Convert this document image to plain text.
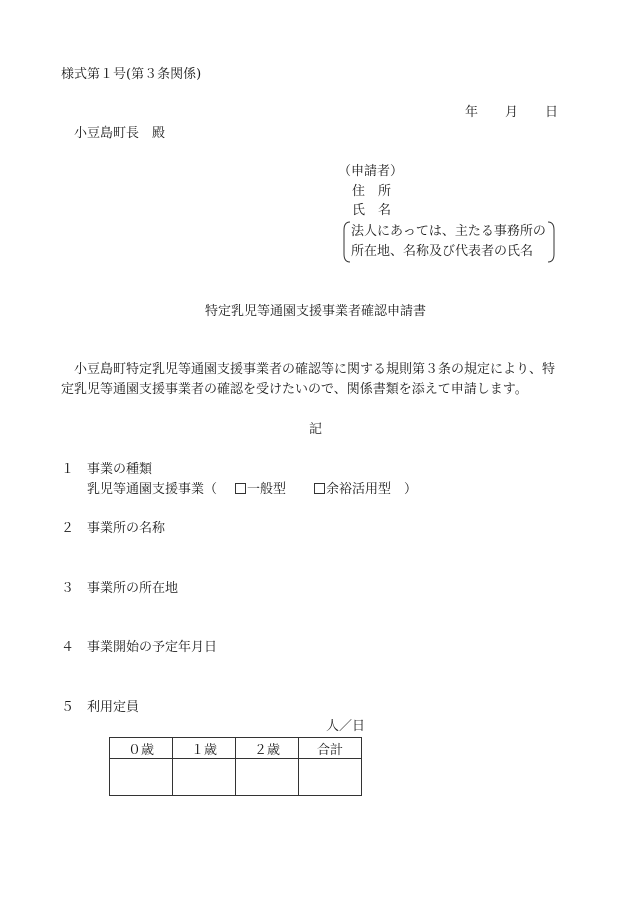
様式第１号(第３条関係)
年 月 日
小豆島町長　殿
（申請者）
住　所
氏　名
法人にあっては、主たる事務所の
所在地、名称及び代表者の氏名
特定乳児等通園支援事業者確認申請書
小豆島町特定乳児等通園支援事業者の確認等に関する規則第３条の規定により、特
定乳児等通園支援事業者の確認を受けたいので、関係書類を添えて申請します。
記
１ 事業の種類
乳児等通園支援事業（	一般型	余裕活用型 ）
２ 事業所の名称
３ 事業所の所在地
４ 事業開始の予定年月日
５ 利用定員
人／日
０歳	１歳	２歳	合計
